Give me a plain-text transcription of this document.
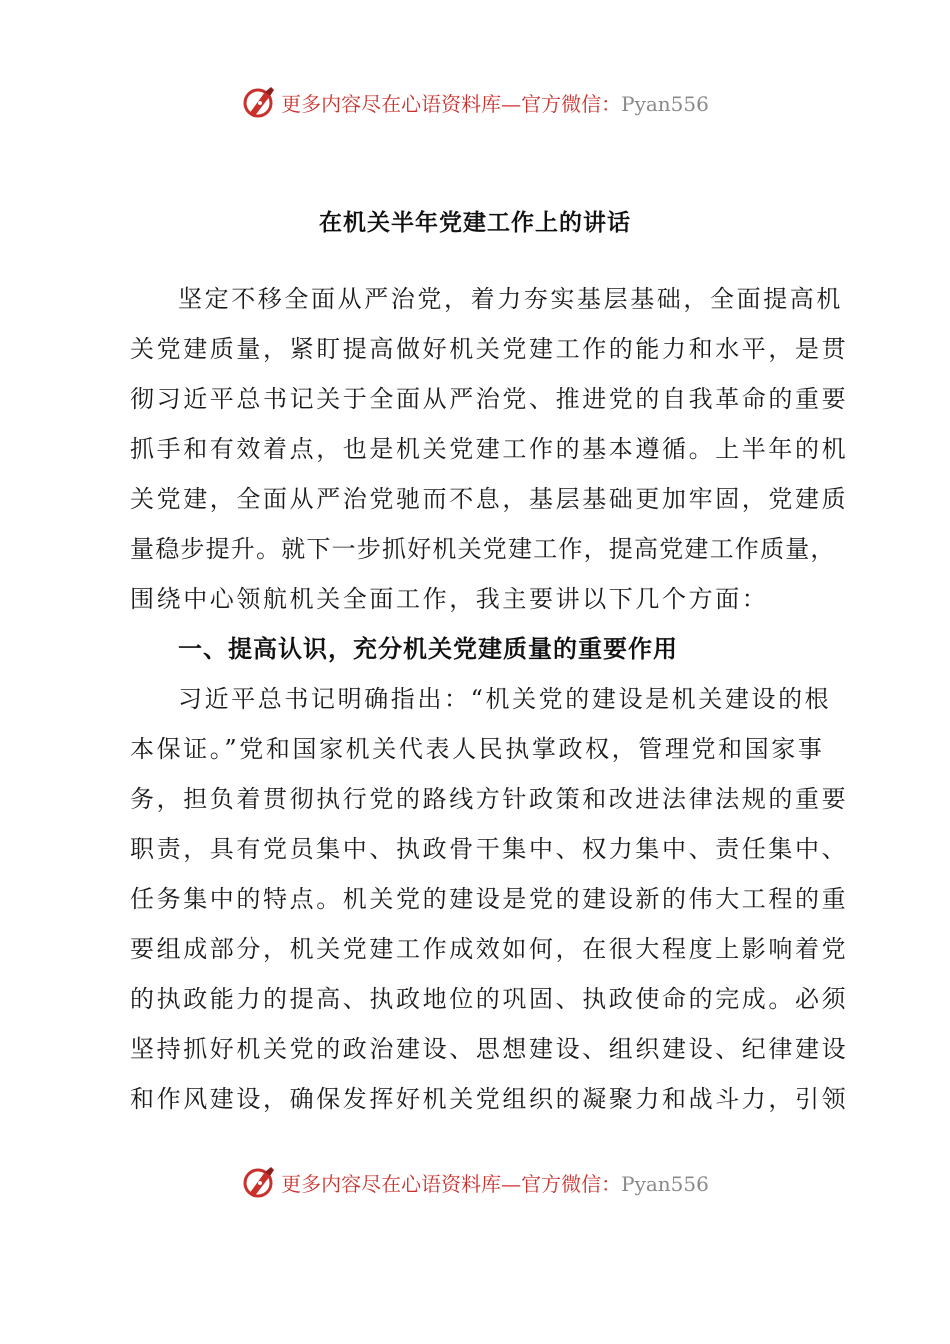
更多内容尽在心语资料库—官方微信：Pyan556
在机关半年党建工作上的讲话
坚定不移全面从严治党，着力夯实基层基础，全面提高机
关党建质量，紧盯提高做好机关党建工作的能力和水平，是贯
彻习近平总书记关于全面从严治党、推进党的自我革命的重要
抓手和有效着点，也是机关党建工作的基本遵循。上半年的机
关党建，全面从严治党驰而不息，基层基础更加牢固，党建质
量稳步提升。就下一步抓好机关党建工作，提高党建工作质量，
围绕中心领航机关全面工作，我主要讲以下几个方面：
一、提高认识，充分机关党建质量的重要作用
习近平总书记明确指出：“机关党的建设是机关建设的根
本保证。”党和国家机关代表人民执掌政权，管理党和国家事
务，担负着贯彻执行党的路线方针政策和改进法律法规的重要
职责，具有党员集中、执政骨干集中、权力集中、责任集中、
任务集中的特点。机关党的建设是党的建设新的伟大工程的重
要组成部分，机关党建工作成效如何，在很大程度上影响着党
的执政能力的提高、执政地位的巩固、执政使命的完成。必须
坚持抓好机关党的政治建设、思想建设、组织建设、纪律建设
和作风建设，确保发挥好机关党组织的凝聚力和战斗力，引领
更多内容尽在心语资料库—官方微信：Pyan556
